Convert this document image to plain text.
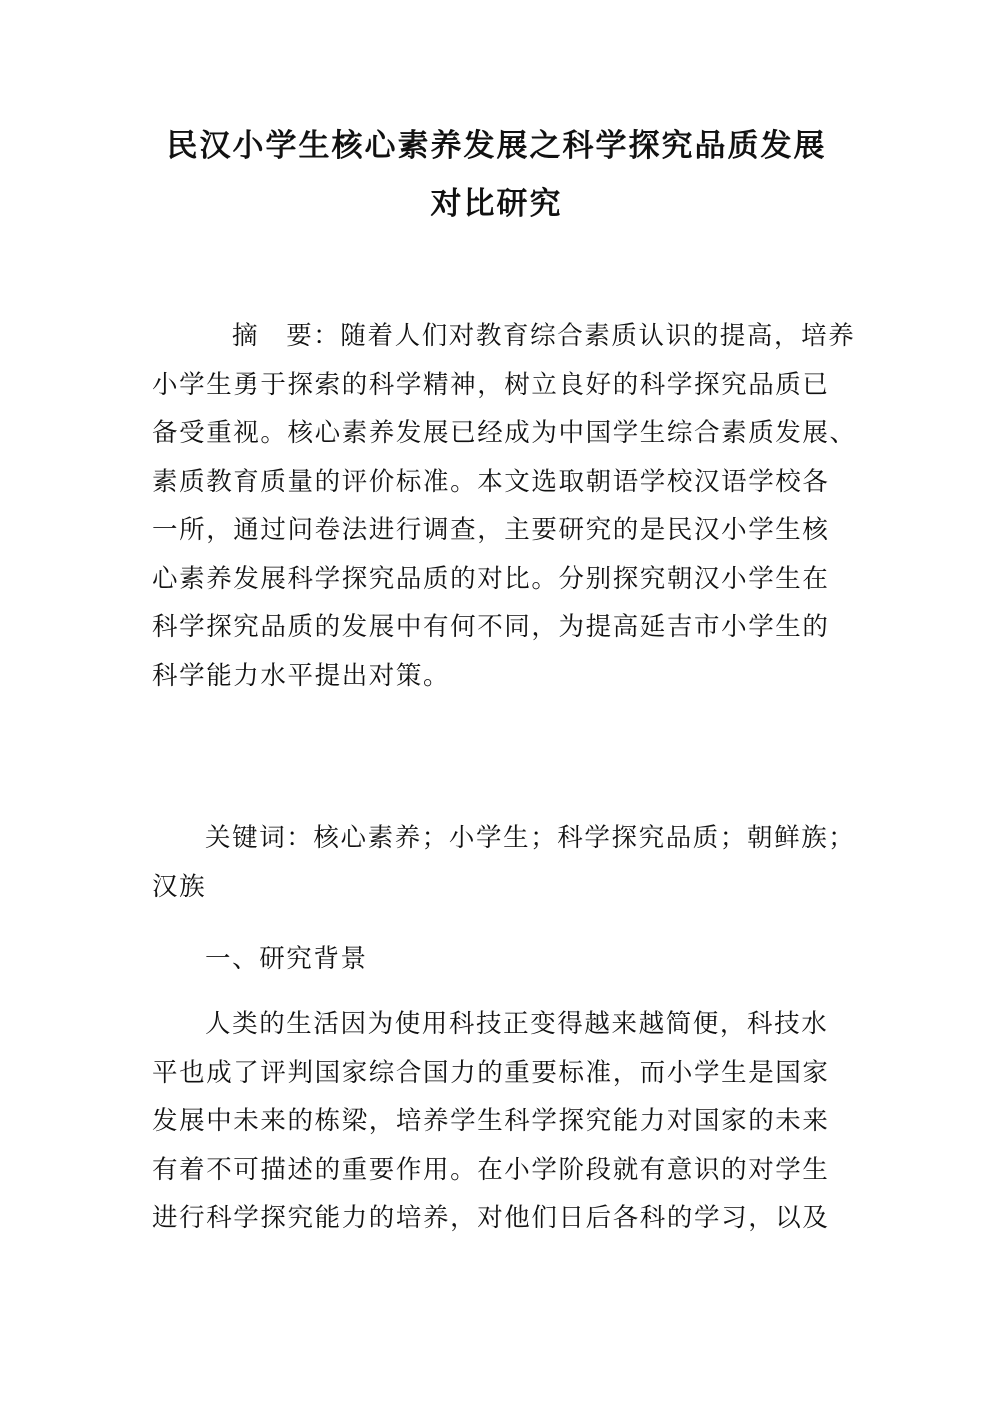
民汉小学生核心素养发展之科学探究品质发展
对比研究
摘　要：随着人们对教育综合素质认识的提高，培养
小学生勇于探索的科学精神，树立良好的科学探究品质已
备受重视。核心素养发展已经成为中国学生综合素质发展、
素质教育质量的评价标准。本文选取朝语学校汉语学校各
一所，通过问卷法进行调查，主要研究的是民汉小学生核
心素养发展科学探究品质的对比。分别探究朝汉小学生在
科学探究品质的发展中有何不同，为提高延吉市小学生的
科学能力水平提出对策。
关键词：核心素养；小学生；科学探究品质；朝鲜族；
汉族
一、研究背景
人类的生活因为使用科技正变得越来越简便，科技水
平也成了评判国家综合国力的重要标准，而小学生是国家
发展中未来的栋梁，培养学生科学探究能力对国家的未来
有着不可描述的重要作用。在小学阶段就有意识的对学生
进行科学探究能力的培养，对他们日后各科的学习，以及
